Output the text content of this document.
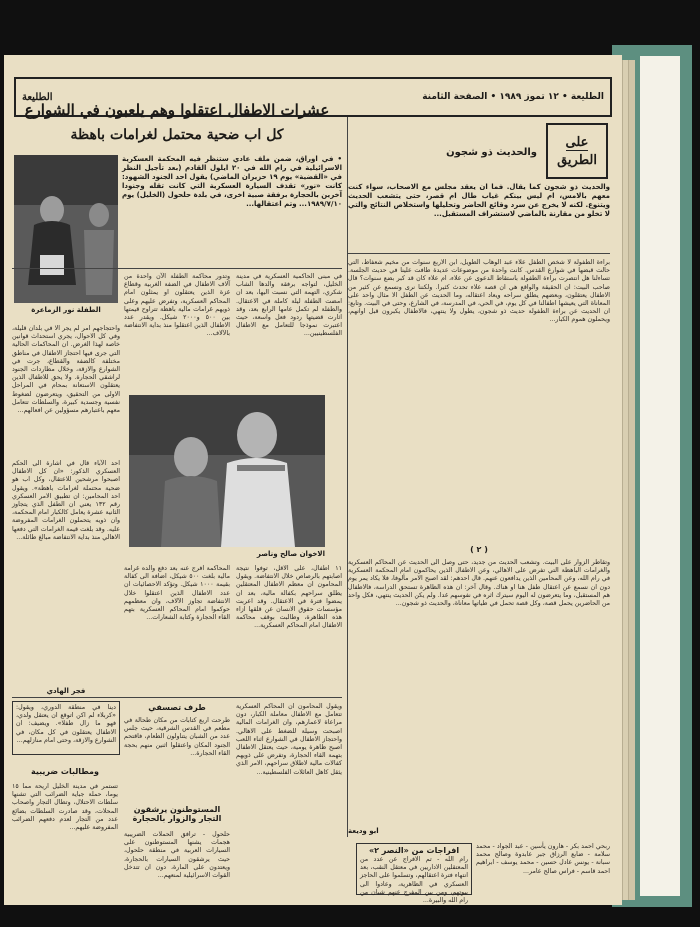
الطليعة • ١٢ تموز ١٩٨٩ • الصفحة الثامنة
الطليعة
على
الطريق
والحديث ذو شجون
والحديث ذو شجون كما يقال. فما ان يعقد مجلس مع الاصحاب، سواء كنت معهم بالامس، ام ليس بينكم غياب طال ام قصر، حتى يتشعب الحديث ويتنوع. لكنه لا يخرج عن سرد وقائع الحاضر وتحليلها واستخلاص النتائج والتي لا تخلو من مقارنة بالماضي لاستشراف المستقبل...
براءة الطفولة لا شخص الطفل علاء عبد الوهاب الطويل، ابن الاربع سنوات من مخيم شعفاط، التي حالت قبضها في شوارع القدس. كانت واحدة من موضوعات عديدة طافت علينا في حديث الجلسة. تساءلنا هل انتصرت براءة الطفولة باستقاط الدعوى عن علاء، ام علاء كان قد كبر بضع سنوات؟ قال صاحب البيت: ان الحقيقة والواقع هي ان قصة علاء تحدث كثيرا. ولكننا نرى ونسمع عن كثير من الاطفال يعتقلون، وبعضهم يطلق سراحه ويعاد اعتقاله، وما الحديث عن الطفل الا مثال واحد على المعاناة التي يعيشها اطفالنا في كل يوم، في الحي، في المدرسة، في الشارع، وحتى في البيت. وتابع: ان الحديث عن براءة الطفولة حديث ذو شجون، يطول ولا ينتهي، فالاطفال يكبرون قبل اوانهم، ويحملون هموم الكبار...
( ٢ )
وتقاطر الزوار على البيت. وتشعب الحديث من جديد، حتى وصل الى الحديث عن المحاكم العسكرية والغرامات الباهظة التي تفرض على الاهالي، وعن الاطفال الذين يحاكمون امام المحكمة العسكرية في رام الله، وعن المحامين الذين يدافعون عنهم. قال احدهم: لقد اصبح الامر مألوفا، فلا يكاد يمر يوم دون ان نسمع عن اعتقال طفل هنا او هناك. وقال آخر: ان هذه الظاهرة تستحق الدراسة، فالاطفال هم المستقبل، وما يتعرضون له اليوم سيترك اثره في نفوسهم غدا. ولم يكن الحديث ينتهي، فكل واحد من الحاضرين يحمل قصة، وكل قصة تحمل في طياتها معاناة، والحديث ذو شجون...
ابو وديعة
عشرات الاطفال اعتقلوا وهم يلعبون في الشوارع
كل اب ضحية محتمل لغرامات باهظة
• في اوراق، ضمن ملف عادي ستنظر فيه المحكمة العسكرية الاسرائيلية في رام الله في ٢٠ ايلول القادم (بعد تأجيل النظر في «القضية» يوم ١٩ حزيران الماضي) يقول احد الجنود الشهود: كانت «نور» تقذف السيارة العسكرية التي كانت تقله وجنودا آخرين بالحجارة برفقة صبية اخرى، في بلدة حلحول (الخليل) يوم ١٩٨٩/٧/١٠... وتم اعتقالها...
الطفلة نور الزماعرة
في مبنى الحاكمية العسكرية في مدينة الخليل، لتواجه برفقة والدها الشاب شكري، التهمة التي نسبت اليها، بعد ان امضت الطفلة ليلة كاملة في الاعتقال. والطفلة لم تكمل عامها الرابع بعد، وقد اثارت قضيتها ردود فعل واسعة، حيث اعتبرت نموذجا للتعامل مع الاطفال الفلسطينيين...
وتدور محاكمة الطفلة الآن واحدة من آلاف الاطفال في الضفة الغربية وقطاع غزة الذين يعتقلون او يمثلون امام المحاكم العسكرية، وتفرض عليهم وعلى ذويهم غرامات مالية باهظة تتراوح قيمتها بين ٥٠٠ و٢٠٠٠ شيكل. ويقدر عدد الاطفال الذين اعتقلوا منذ بداية الانتفاضة بالآلاف...
واحتجاجهم امر لم يجر الا في بلدان قليلة، وفي كل الاحوال، يجري استحداث قوانين خاصة لهذا الغرض. ان المحاكمات الحالية التي جرى فيها احتجاز الاطفال في مناطق مختلفة كالضفة والقطاع، جرت في الشوارع والازقة، وخلال مطاردات الجنود لراشقي الحجارة. ولا يحق للاطفال الذين يعتقلون الاستعانة بمحام في المراحل الاولى من التحقيق، ويتعرضون لضغوط نفسية وجسدية كبيرة، والسلطات تتعامل معهم باعتبارهم مسؤولين عن افعالهم...
الاخوان صالح وناصر
احد الآباء قال في اشارة الى الحكم العسكري الذكور: «ان كل الاطفال اصبحوا مرشحين للاعتقال، وكل اب هو ضحية محتملة لغرامات باهظة». ويقول احد المحامين: ان تطبيق الامر العسكري رقم ١٣٢ يعني ان الطفل الذي يتجاوز الثانية عشرة يعامل كالكبار امام المحكمة، وان ذويه يتحملون الغرامات المفروضة عليه. وقد بلغت قيمة الغرامات التي دفعها الاهالي منذ بداية الانتفاضة مبالغ طائلة...
فجر الهادي
١١ اطفال، على الاقل، توفوا نتيجة اصابتهم بالرصاص خلال الانتفاضة. ويقول المحامون ان معظم الاطفال المعتقلين يطلق سراحهم بكفالة مالية، بعد ان يمضوا فترة في الاعتقال. وقد اعربت مؤسسات حقوق الانسان عن قلقها ازاء هذه الظاهرة، وطالبت بوقف محاكمة الاطفال امام المحاكم العسكرية...
المحاكمة افرج عنه بعد دفع والده غرامة مالية بلغت ٥٠٠ شيكل، اضافة الى كفالة بقيمة ١٠٠٠ شيكل. وتؤكد الاحصائيات ان عدد الاطفال الذين اعتقلوا خلال الانتفاضة تجاوز الآلاف، وان معظمهم حوكموا امام المحاكم العسكرية بتهم القاء الحجارة وكتابة الشعارات...
دينا في منطقة الدوري، ويقول: «كربلاء لم اكن اتوقع ان يعتقل ولدي، فهو ما زال طفلا». ويضيف: ان الاطفال يعتقلون في كل مكان، في الشوارع والازقة، وحتى امام منازلهم...
طرف تصسفي
طرحت اربع كتابات من مكان طحالة في مطعم في القدس الشرقية، حيث جلس عدد من الشبان يتناولون الطعام، فاقتحم الجنود المكان واعتقلوا اثنين منهم بحجة القاء الحجارة...
ومطالبات ضريبية
تستمر في مدينة الخليل اريحة مما ١٥ يوما، حملة جباية الضرائب التي تشنها سلطات الاحتلال، وتطال التجار واصحاب المحلات، وقد صادرت السلطات بضائع عدد من التجار لعدم دفعهم الضرائب المفروضة عليهم...
المستوطنون يرشقون التجار والزوار بالحجارة
حلحول - ترافق الحملات الضريبية هجمات يشنها المستوطنون على السيارات العربية في منطقة حلحول، حيث يرشقون السيارات بالحجارة، ويعتدون على المارة، دون ان تتدخل القوات الاسرائيلية لمنعهم...
افراجات من «النصر ٢»
رام الله - تم الافراج عن عدد من المعتقلين الاداريين في معتقل النقب، بعد انتهاء فترة اعتقالهم، وتسلموا على الحاجز العسكري في الظاهرية، وعادوا الى بيوتهم، ومن بين المفرج عنهم شبان من رام الله والبيرة...
ربحي احمد بكر - هارون يأسين - عبد الجواد - محمد سلامة - ضابع الرزاق جبر عابدوة وصالح محمد سبانة - يونس عادل حسين - محمد يوسف - ابراهيم احمد قاسم - فراس صالح عامر...
ويقول المحامون ان المحاكم العسكرية تتعامل مع الاطفال معاملة الكبار، دون مراعاة لاعمارهم، وان الغرامات المالية اصبحت وسيلة للضغط على الاهالي. واحتجاز الاطفال في الشوارع اثناء اللعب اصبح ظاهرة يومية، حيث يعتقل الاطفال بتهمة القاء الحجارة، وتفرض على ذويهم كفالات مالية لاطلاق سراحهم، الامر الذي يثقل كاهل العائلات الفلسطينية...
